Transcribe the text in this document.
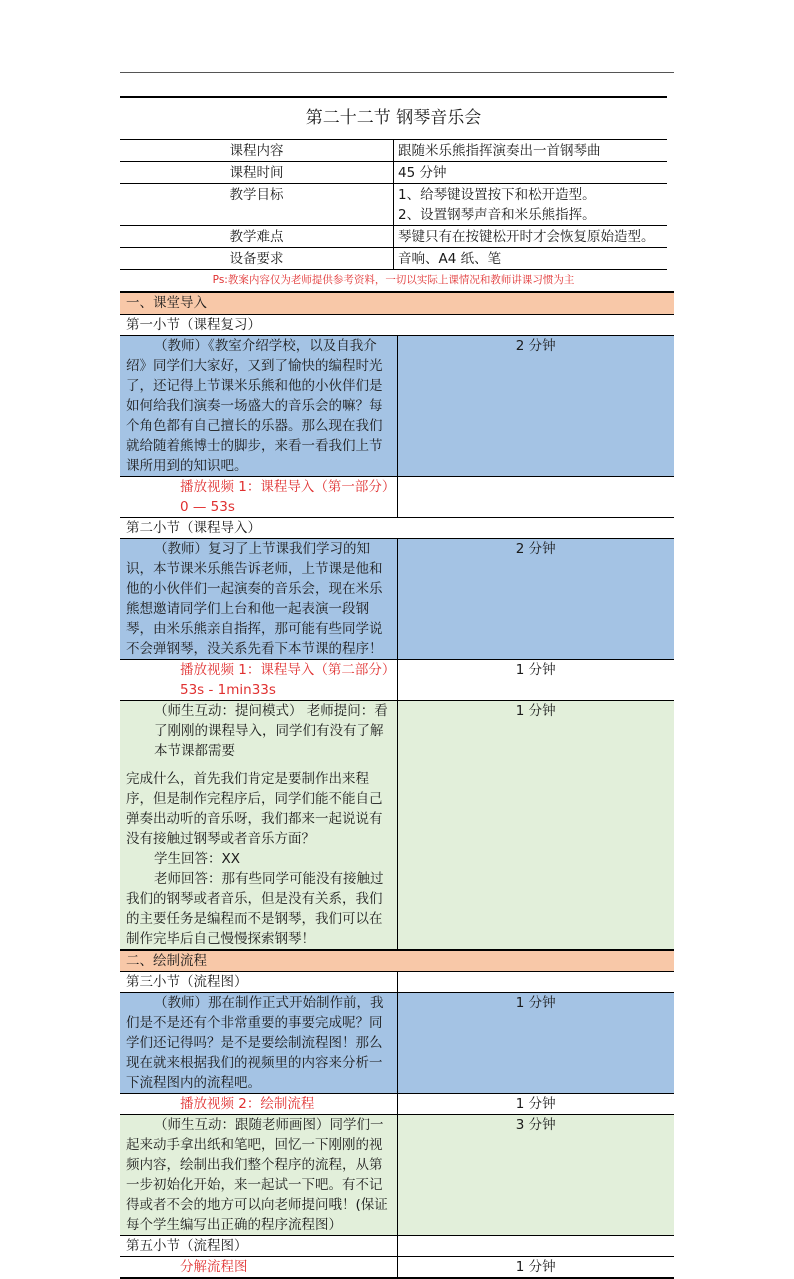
第二十二节 钢琴音乐会	
课程内容	跟随米乐熊指挥演奏出一首钢琴曲

课程时间	45 分钟

教学目标	1、给琴键设置按下和松开造型。
2、设置钢琴声音和米乐熊指挥。

教学难点	琴键只有在按键松开时才会恢复原始造型。

设备要求	音响、A4 纸、笔

Ps:教案内容仅为老师提供参考资料，一切以实际上课情况和教师讲课习惯为主	
一、课堂导入	
第一小节（课程复习）	
（教师）《教室介绍学校，以及自我介绍》同学们大家好，又到了愉快的编程时光了，还记得上节课米乐熊和他的小伙伴们是如何给我们演奏一场盛大的音乐会的嘛？每个角色都有自己擅长的乐器。那么现在我们就给随着熊博士的脚步，来看一看我们上节课所用到的知识吧。	2 分钟
播放视频 1：课程导入（第一部分）0 — 53s	
第二小节（课程导入）	
（教师）复习了上节课我们学习的知识，本节课米乐熊告诉老师，上节课是他和他的小伙伴们一起演奏的音乐会，现在米乐熊想邀请同学们上台和他一起表演一段钢琴，由米乐熊亲自指挥，那可能有些同学说不会弹钢琴，没关系先看下本节课的程序！	2 分钟
播放视频 1：课程导入（第二部分）53s - 1min33s	1 分钟

（师生互动：提问模式） 老师提问：看了刚刚的课程导入，同学们有没有了解本节课都需要
完成什么，首先我们肯定是要制作出来程序，但是制作完程序后，同学们能不能自己弹奏出动听的音乐呀，我们都来一起说说有没有接触过钢琴或者音乐方面？
学生回答：XX
老师回答：那有些同学可能没有接触过我们的钢琴或者音乐，但是没有关系，我们的主要任务是编程而不是钢琴，我们可以在制作完毕后自己慢慢探索钢琴！	1 分钟
二、绘制流程	
第三小节（流程图）	
（教师）那在制作正式开始制作前，我们是不是还有个非常重要的事要完成呢？同学们还记得吗？是不是要绘制流程图！那么现在就来根据我们的视频里的内容来分析一下流程图内的流程吧。	1 分钟
播放视频 2：绘制流程	1 分钟
（师生互动：跟随老师画图）同学们一起来动手拿出纸和笔吧，回忆一下刚刚的视频内容，绘制出我们整个程序的流程，从第一步初始化开始，来一起试一下吧。有不记得或者不会的地方可以向老师提问哦！(保证每个学生编写出正确的程序流程图）	3 分钟
第五小节（流程图）	
分解流程图	1 分钟
